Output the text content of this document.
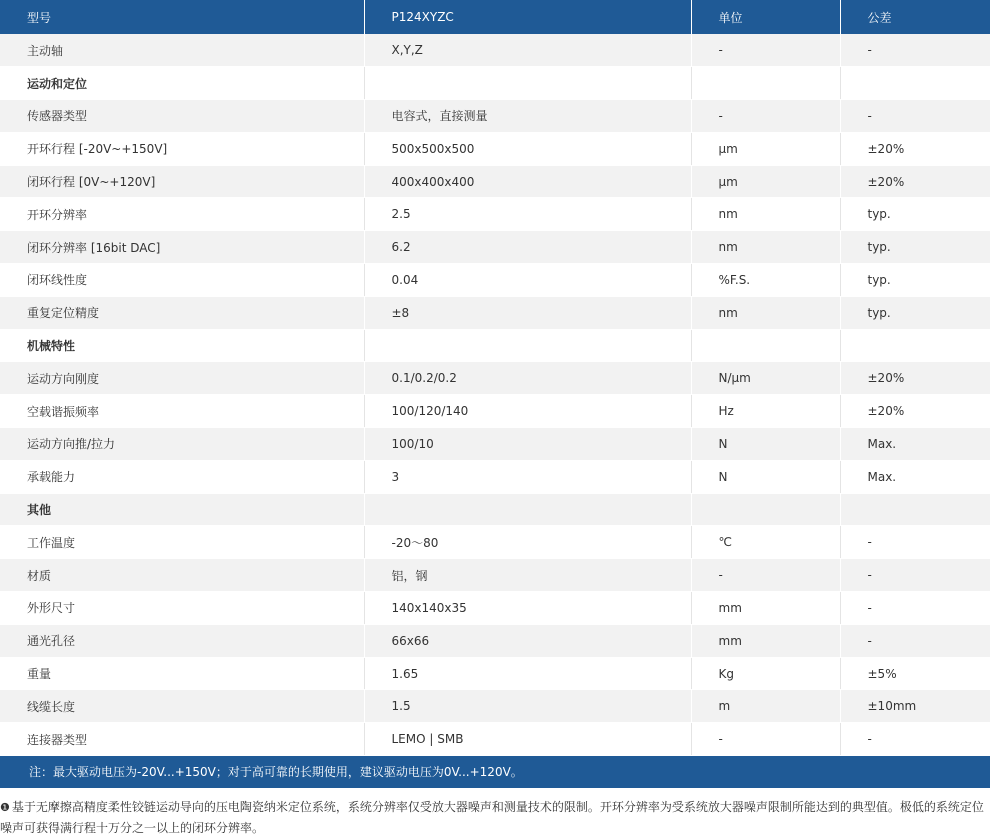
型号	P124XYZC	单位	公差
主动轴	X,Y,Z	-	-
运动和定位			
传感器类型	电容式，直接测量	-	-
开环行程 [-20V~+150V]	500x500x500	μm	±20%
闭环行程 [0V~+120V]	400x400x400	μm	±20%
开环分辨率	2.5	nm	typ.
闭环分辨率 [16bit DAC]	6.2	nm	typ.
闭环线性度	0.04	%F.S.	typ.
重复定位精度	±8	nm	typ.
机械特性			
运动方向刚度	0.1/0.2/0.2	N/μm	±20%
空载谐振频率	100/120/140	Hz	±20%
运动方向推/拉力	100/10	N	Max.
承载能力	3	N	Max.
其他			
工作温度	-20～80	℃	-
材质	铝，钢	-	-
外形尺寸	140x140x35	mm	-
通光孔径	66x66	mm	-
重量	1.65	Kg	±5%
线缆长度	1.5	m	±10mm
连接器类型	LEMO | SMB	-	-
注：最大驱动电压为-20V...+150V；对于高可靠的长期使用，建议驱动电压为0V...+120V。			
❶ 基于无摩擦高精度柔性铰链运动导向的压电陶瓷纳米定位系统，系统分辨率仅受放大器噪声和测量技术的限制。开环分辨率为受系统放大器噪声限制所能达到的典型值。极低的系统定位噪声可获得满行程十万分之一以上的闭环分辨率。
